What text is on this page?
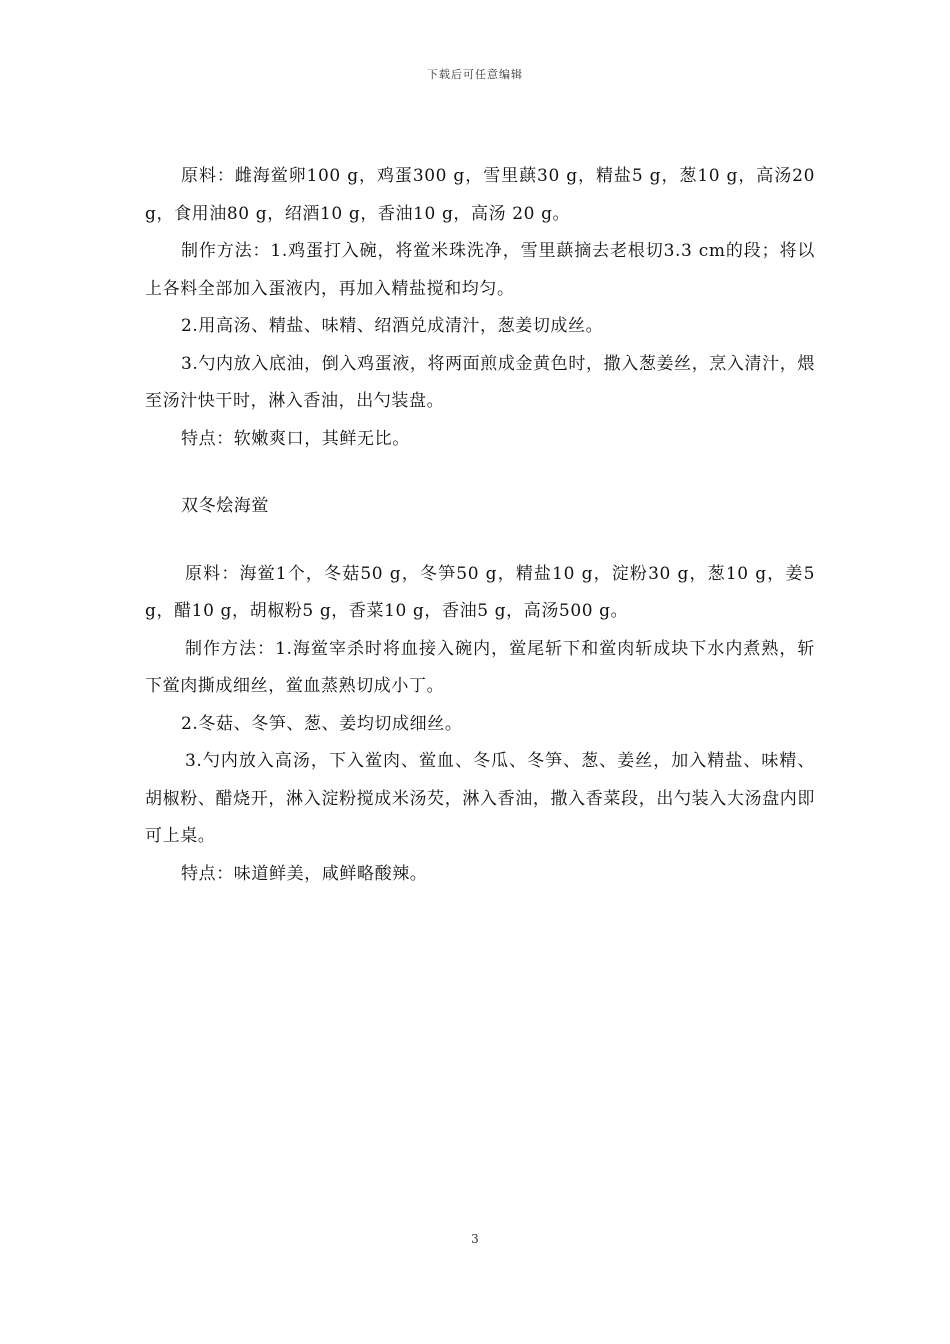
下载后可任意编辑

原料：雌海鲎卵100 g，鸡蛋300 g，雪里蕻30 g，精盐5 g，葱10 g，高汤20 g，食用油80 g，绍酒10 g，香油10 g，高汤 20 g。

制作方法：1.鸡蛋打入碗，将鲎米珠洗净，雪里蕻摘去老根切3.3 cm的段；将以上各料全部加入蛋液内，再加入精盐搅和均匀。

2.用高汤、精盐、味精、绍酒兑成清汁，葱姜切成丝。

3.勺内放入底油，倒入鸡蛋液，将两面煎成金黄色时，撒入葱姜丝，烹入清汁，煨至汤汁快干时，淋入香油，出勺装盘。

特点：软嫩爽口，其鲜无比。

双冬烩海鲎

原料：海鲎1个，冬菇50 g，冬笋50 g，精盐10 g，淀粉30 g，葱10 g，姜5 g，醋10 g，胡椒粉5 g，香菜10 g，香油5 g，高汤500 g。

制作方法：1.海鲎宰杀时将血接入碗内，鲎尾斩下和鲎肉斩成块下水内煮熟，斩下鲎肉撕成细丝，鲎血蒸熟切成小丁。

2.冬菇、冬笋、葱、姜均切成细丝。

3.勺内放入高汤，下入鲎肉、鲎血、冬瓜、冬笋、葱、姜丝，加入精盐、味精、胡椒粉、醋烧开，淋入淀粉搅成米汤芡，淋入香油，撒入香菜段，出勺装入大汤盘内即可上桌。

特点：味道鲜美，咸鲜略酸辣。

3
